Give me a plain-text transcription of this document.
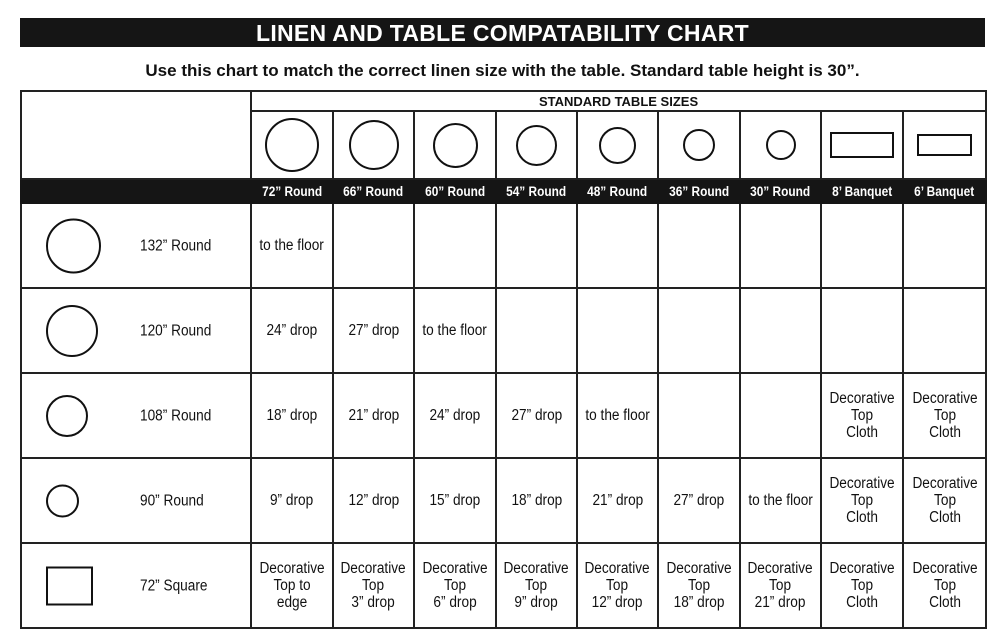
LINEN AND TABLE COMPATABILITY CHART
Use this chart to match the correct linen size with the table. Standard table height is 30”.
	STANDARD TABLE SIZES								

	72” Round	66” Round	60” Round	54” Round	48” Round	36” Round	30” Round	8’ Banquet	6’ Banquet

132” Round	to the floor								

120” Round	24” drop	27” drop	to the floor						

108” Round	18” drop	21” drop	24” drop	27” drop	to the floor			Decorative
Top
Cloth	Decorative
Top
Cloth

90” Round	9” drop	12” drop	15” drop	18” drop	21” drop	27” drop	to the floor	Decorative
Top
Cloth	Decorative
Top
Cloth

72” Square	Decorative
Top to
edge	Decorative
Top
3” drop	Decorative
Top
6” drop	Decorative
Top
9” drop	Decorative
Top
12” drop	Decorative
Top
18” drop	Decorative
Top
21” drop	Decorative
Top
Cloth	Decorative
Top
Cloth
